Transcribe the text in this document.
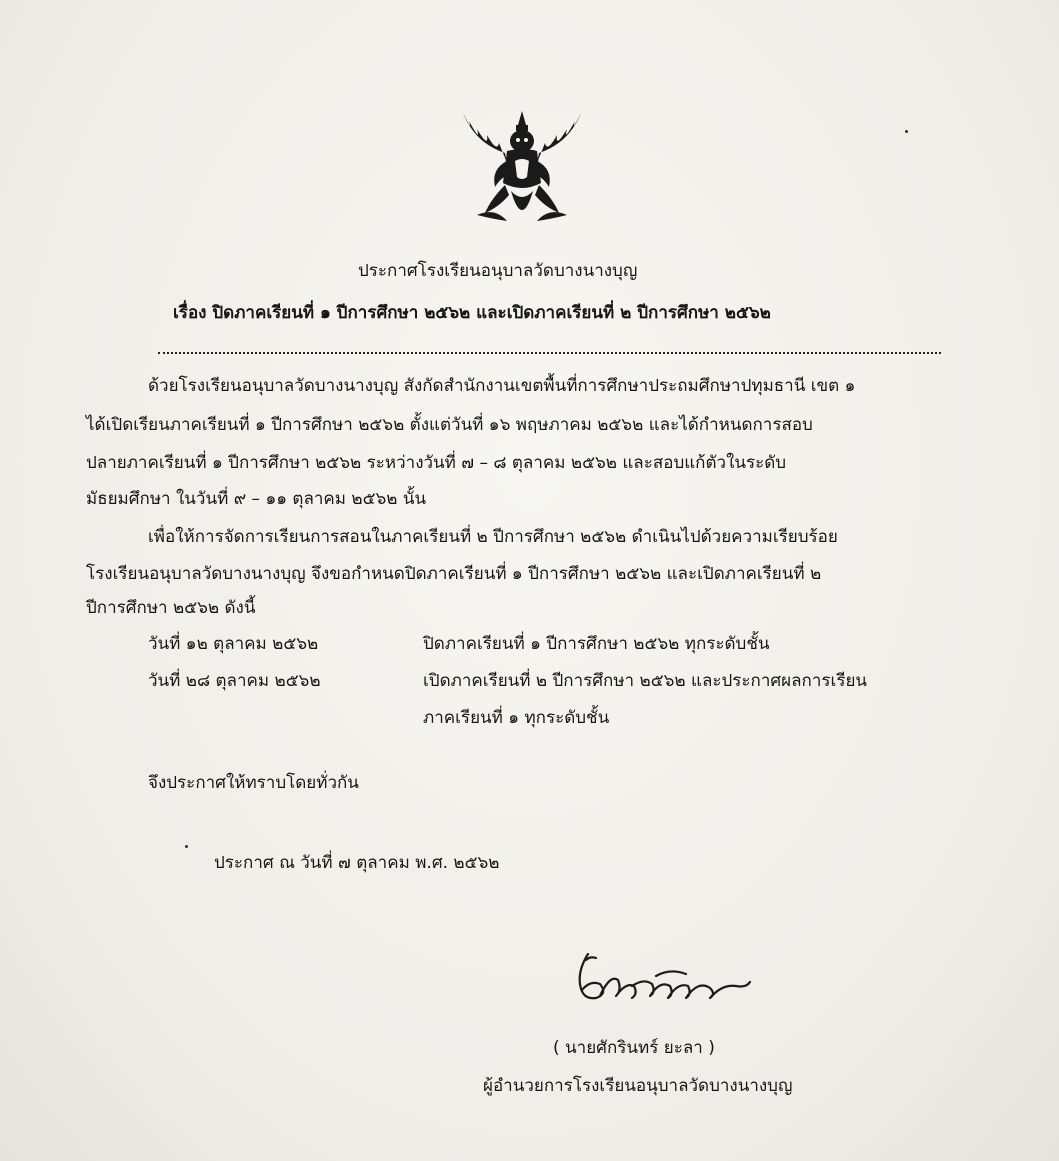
ประกาศโรงเรียนอนุบาลวัดบางนางบุญ
เรื่อง ปิดภาคเรียนที่ ๑ ปีการศึกษา ๒๕๖๒ และเปิดภาคเรียนที่ ๒ ปีการศึกษา ๒๕๖๒
ด้วยโรงเรียนอนุบาลวัดบางนางบุญ สังกัดสำนักงานเขตพื้นที่การศึกษาประถมศึกษาปทุมธานี เขต ๑
ได้เปิดเรียนภาคเรียนที่ ๑ ปีการศึกษา ๒๕๖๒ ตั้งแต่วันที่ ๑๖ พฤษภาคม ๒๕๖๒ และได้กำหนดการสอบ
ปลายภาคเรียนที่ ๑ ปีการศึกษา ๒๕๖๒ ระหว่างวันที่ ๗ – ๘ ตุลาคม ๒๕๖๒ และสอบแก้ตัวในระดับ
มัธยมศึกษา ในวันที่ ๙ – ๑๑ ตุลาคม ๒๕๖๒ นั้น
เพื่อให้การจัดการเรียนการสอนในภาคเรียนที่ ๒ ปีการศึกษา ๒๕๖๒ ดำเนินไปด้วยความเรียบร้อย
โรงเรียนอนุบาลวัดบางนางบุญ จึงขอกำหนดปิดภาคเรียนที่ ๑ ปีการศึกษา ๒๕๖๒ และเปิดภาคเรียนที่ ๒
ปีการศึกษา ๒๕๖๒ ดังนี้
วันที่ ๑๒ ตุลาคม ๒๕๖๒	ปิดภาคเรียนที่ ๑ ปีการศึกษา ๒๕๖๒ ทุกระดับชั้น
วันที่ ๒๘ ตุลาคม ๒๕๖๒	เปิดภาคเรียนที่ ๒ ปีการศึกษา ๒๕๖๒ และประกาศผลการเรียน
ภาคเรียนที่ ๑ ทุกระดับชั้น
จึงประกาศให้ทราบโดยทั่วกัน
ประกาศ ณ วันที่ ๗ ตุลาคม พ.ศ. ๒๕๖๒
( นายศักรินทร์ ยะลา )
ผู้อำนวยการโรงเรียนอนุบาลวัดบางนางบุญ
